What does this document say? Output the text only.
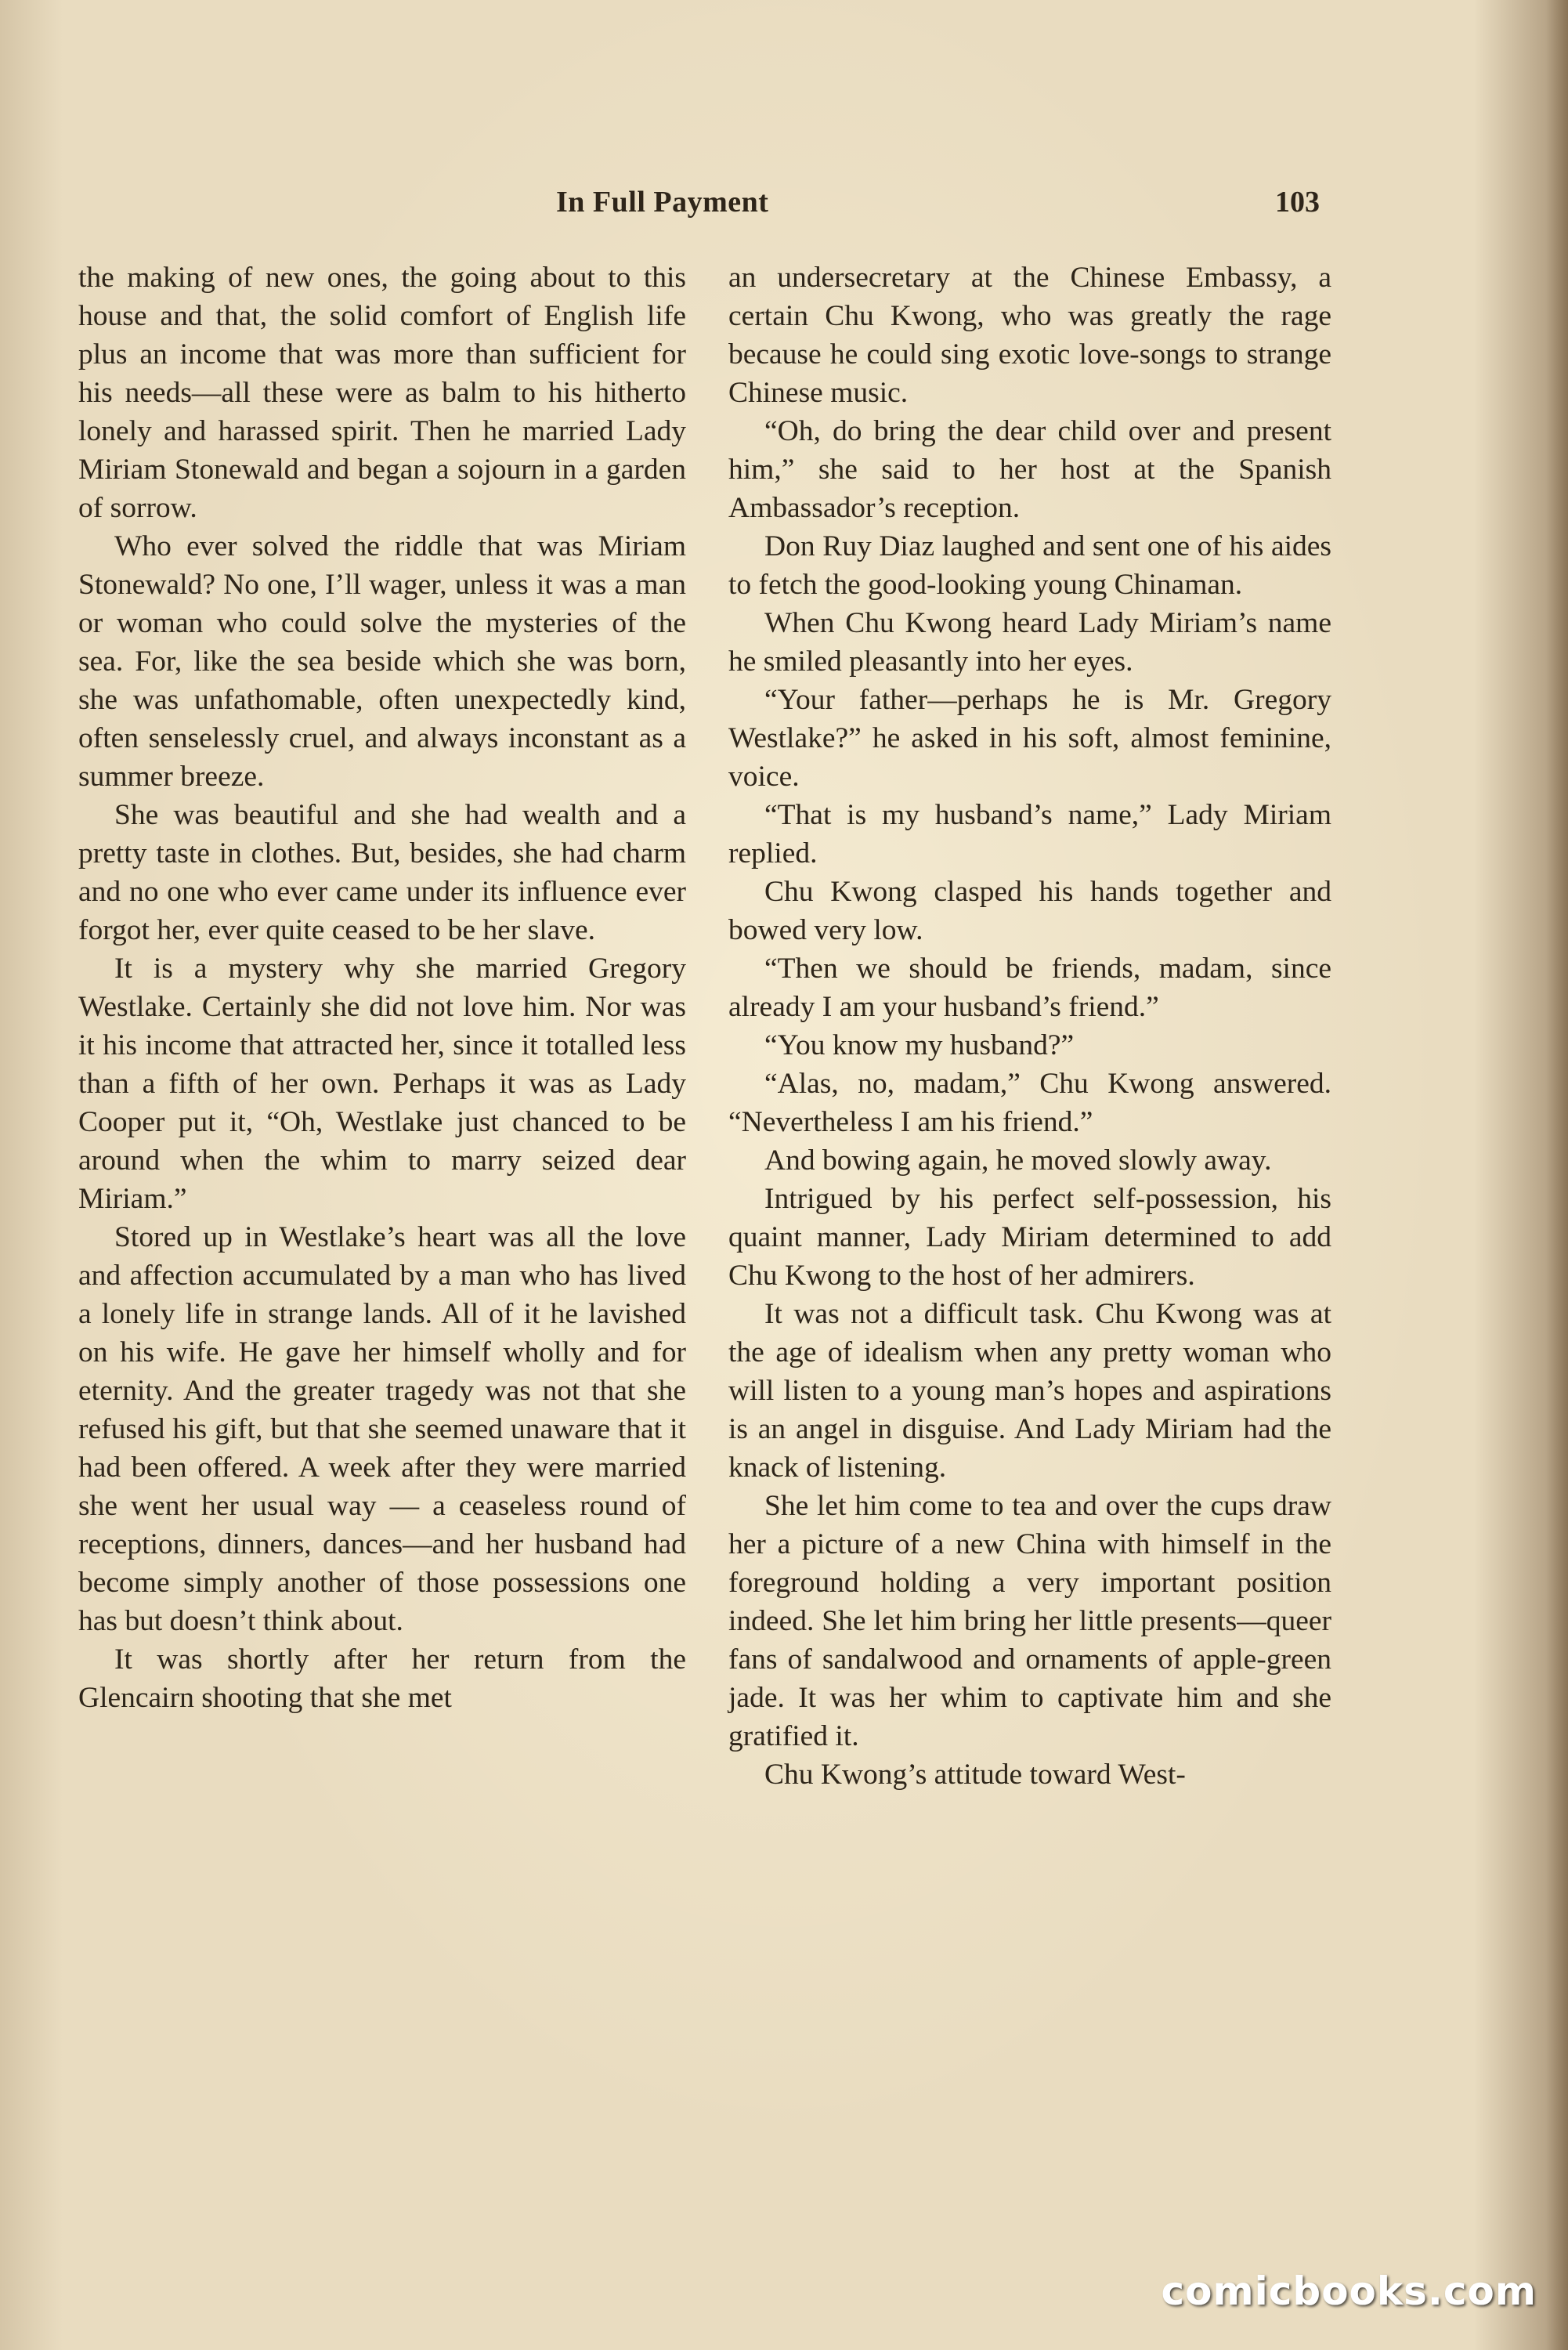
In Full Payment	103

the making of new ones, the going about to this house and that, the solid comfort of English life plus an income that was more than sufficient for his needs—all these were as balm to his hitherto lonely and harassed spirit. Then he married Lady Miriam Stonewald and began a sojourn in a garden of sorrow.

Who ever solved the riddle that was Miriam Stonewald? No one, I’ll wager, unless it was a man or woman who could solve the mysteries of the sea. For, like the sea beside which she was born, she was unfathomable, often unexpectedly kind, often senselessly cruel, and always inconstant as a summer breeze.

She was beautiful and she had wealth and a pretty taste in clothes. But, besides, she had charm and no one who ever came under its influence ever forgot her, ever quite ceased to be her slave.

It is a mystery why she married Gregory Westlake. Certainly she did not love him. Nor was it his income that attracted her, since it totalled less than a fifth of her own. Perhaps it was as Lady Cooper put it, “Oh, Westlake just chanced to be around when the whim to marry seized dear Miriam.”

Stored up in Westlake’s heart was all the love and affection accumulated by a man who has lived a lonely life in strange lands. All of it he lavished on his wife. He gave her himself wholly and for eternity. And the greater tragedy was not that she refused his gift, but that she seemed unaware that it had been offered. A week after they were married she went her usual way — a ceaseless round of receptions, dinners, dances—and her husband had become simply another of those possessions one has but doesn’t think about.

It was shortly after her return from the Glencairn shooting that she met

an undersecretary at the Chinese Embassy, a certain Chu Kwong, who was greatly the rage because he could sing exotic love-songs to strange Chinese music.

“Oh, do bring the dear child over and present him,” she said to her host at the Spanish Ambassador’s reception.

Don Ruy Diaz laughed and sent one of his aides to fetch the good-looking young Chinaman.

When Chu Kwong heard Lady Miriam’s name he smiled pleasantly into her eyes.

“Your father—perhaps he is Mr. Gregory Westlake?” he asked in his soft, almost feminine, voice.

“That is my husband’s name,” Lady Miriam replied.

Chu Kwong clasped his hands together and bowed very low.

“Then we should be friends, madam, since already I am your husband’s friend.”

“You know my husband?”

“Alas, no, madam,” Chu Kwong answered. “Nevertheless I am his friend.”

And bowing again, he moved slowly away.

Intrigued by his perfect self-possession, his quaint manner, Lady Miriam determined to add Chu Kwong to the host of her admirers.

It was not a difficult task. Chu Kwong was at the age of idealism when any pretty woman who will listen to a young man’s hopes and aspirations is an angel in disguise. And Lady Miriam had the knack of listening.

She let him come to tea and over the cups draw her a picture of a new China with himself in the foreground holding a very important position indeed. She let him bring her little presents—queer fans of sandalwood and ornaments of apple-green jade. It was her whim to captivate him and she gratified it.

Chu Kwong’s attitude toward West-

comicbooks.com
